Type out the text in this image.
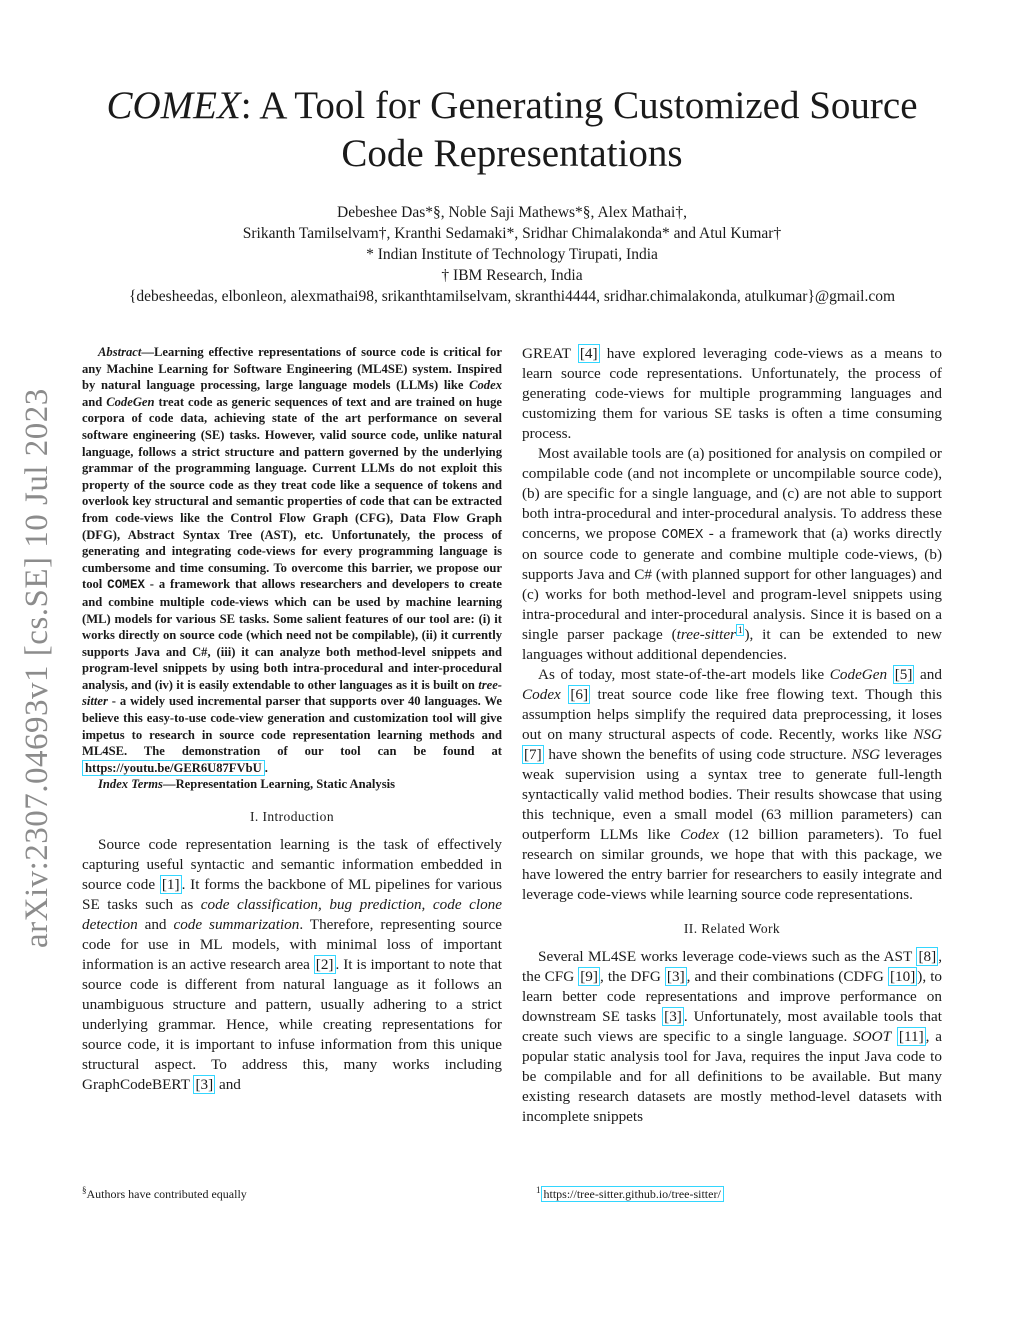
COMEX: A Tool for Generating Customized Source
Code Representations
Debeshee Das*§, Noble Saji Mathews*§, Alex Mathai†,
Srikanth Tamilselvam†, Kranthi Sedamaki*, Sridhar Chimalakonda* and Atul Kumar†
* Indian Institute of Technology Tirupati, India
† IBM Research, India
{debesheedas, elbonleon, alexmathai98, srikanthtamilselvam, skranthi4444, sridhar.chimalakonda, atulkumar}@gmail.com
arXiv:2307.04693v1 [cs.SE] 10 Jul 2023
Abstract—Learning effective representations of source code is critical for any Machine Learning for Software Engineering (ML4SE) system. Inspired by natural language processing, large language models (LLMs) like Codex and CodeGen treat code as generic sequences of text and are trained on huge corpora of code data, achieving state of the art performance on several software engineering (SE) tasks. However, valid source code, unlike natural language, follows a strict structure and pattern governed by the underlying grammar of the programming language. Current LLMs do not exploit this property of the source code as they treat code like a sequence of tokens and overlook key structural and semantic properties of code that can be extracted from code-views like the Control Flow Graph (CFG), Data Flow Graph (DFG), Abstract Syntax Tree (AST), etc. Unfortunately, the process of generating and integrating code-views for every programming language is cumbersome and time consuming. To overcome this barrier, we propose our tool COMEX - a framework that allows researchers and developers to create and combine multiple code-views which can be used by machine learning (ML) models for various SE tasks. Some salient features of our tool are: (i) it works directly on source code (which need not be compilable), (ii) it currently supports Java and C#, (iii) it can analyze both method-level snippets and program-level snippets by using both intra-procedural and inter-procedural analysis, and (iv) it is easily extendable to other languages as it is built on tree-sitter - a widely used incremental parser that supports over 40 languages. We believe this easy-to-use code-view generation and customization tool will give impetus to research in source code representation learning methods and ML4SE. The demonstration of our tool can be found at https://youtu.be/GER6U87FVbU .
Index Terms—Representation Learning, Static Analysis
I. Introduction
Source code representation learning is the task of effectively capturing useful syntactic and semantic information embedded in source code [1] . It forms the backbone of ML pipelines for various SE tasks such as code classification, bug prediction, code clone detection and code summarization. Therefore, representing source code for use in ML models, with minimal loss of important information is an active research area [2] . It is important to note that source code is different from natural language as it follows an unambiguous structure and pattern, usually adhering to a strict underlying grammar. Hence, while creating representations for source code, it is important to infuse information from this unique structural aspect. To address this, many works including GraphCodeBERT [3] and
GREAT [4] have explored leveraging code-views as a means to learn source code representations. Unfortunately, the process of generating code-views for multiple programming languages and customizing them for various SE tasks is often a time consuming process.
Most available tools are (a) positioned for analysis on compiled or compilable code (and not incomplete or uncompilable source code), (b) are specific for a single language, and (c) are not able to support both intra-procedural and inter-procedural analysis. To address these concerns, we propose COMEX - a framework that (a) works directly on source code to generate and combine multiple code-views, (b) supports Java and C# (with planned support for other languages) and (c) works for both method-level and program-level snippets using intra-procedural and inter-procedural analysis. Since it is based on a single parser package (tree-sitter $^1$ ), it can be extended to new languages without additional dependencies.
As of today, most state-of-the-art models like CodeGen [5] and Codex [6] treat source code like free flowing text. Though this assumption helps simplify the required data preprocessing, it loses out on many structural aspects of code. Recently, works like NSG [7] have shown the benefits of using code structure. NSG leverages weak supervision using a syntax tree to generate full-length syntactically valid method bodies. Their results showcase that using this technique, even a small model (63 million parameters) can outperform LLMs like Codex (12 billion parameters). To fuel research on similar grounds, we hope that with this package, we have lowered the entry barrier for researchers to easily integrate and leverage code-views while learning source code representations.
II. Related Work
Several ML4SE works leverage code-views such as the AST [8] , the CFG [9] , the DFG [3] , and their combinations (CDFG [10] ), to learn better code representations and improve performance on downstream SE tasks [3] . Unfortunately, most available tools that create such views are specific to a single language. SOOT [11] , a popular static analysis tool for Java, requires the input Java code to be compilable and for all definitions to be available. But many existing research datasets are mostly method-level datasets with incomplete snippets
§Authors have contributed equally	$^1$ https://tree-sitter.github.io/tree-sitter/
